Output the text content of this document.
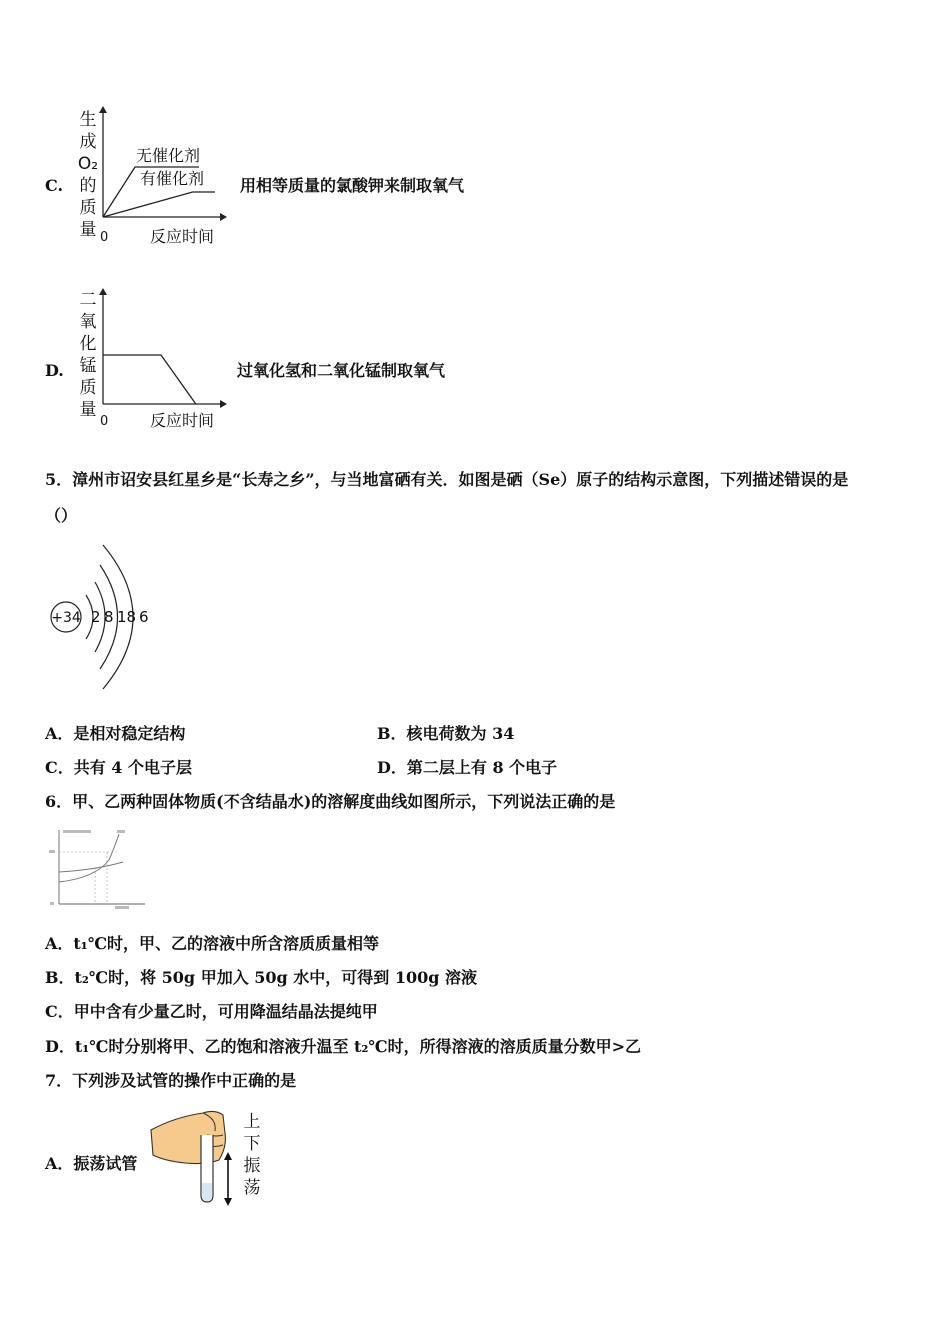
C.
生
成
O₂
的
质
量 0	反应时间
无催化剂
有催化剂 用相等质量的氯酸钾来制取氧气
D.
二
氧
化
锰
质
量
0	反应时间
过氧化氢和二氧化锰制取氧气
5．漳州市诏安县红星乡是“长寿之乡”，与当地富硒有关．如图是硒（Se）原子的结构示意图，下列描述错误的是
（）
+34 2 8 18 6
A．是相对稳定结构	B．核电荷数为 34
C．共有 4 个电子层	D．第二层上有 8 个电子
6．甲、乙两种固体物质(不含结晶水)的溶解度曲线如图所示，下列说法正确的是
A．t₁℃时，甲、乙的溶液中所含溶质质量相等
B．t₂℃时，将 50g 甲加入 50g 水中，可得到 100g 溶液
C．甲中含有少量乙时，可用降温结晶法提纯甲
D．t₁℃时分别将甲、乙的饱和溶液升温至 t₂℃时，所得溶液的溶质质量分数甲>乙
7．下列涉及试管的操作中正确的是
A．振荡试管
上
下
振
荡
